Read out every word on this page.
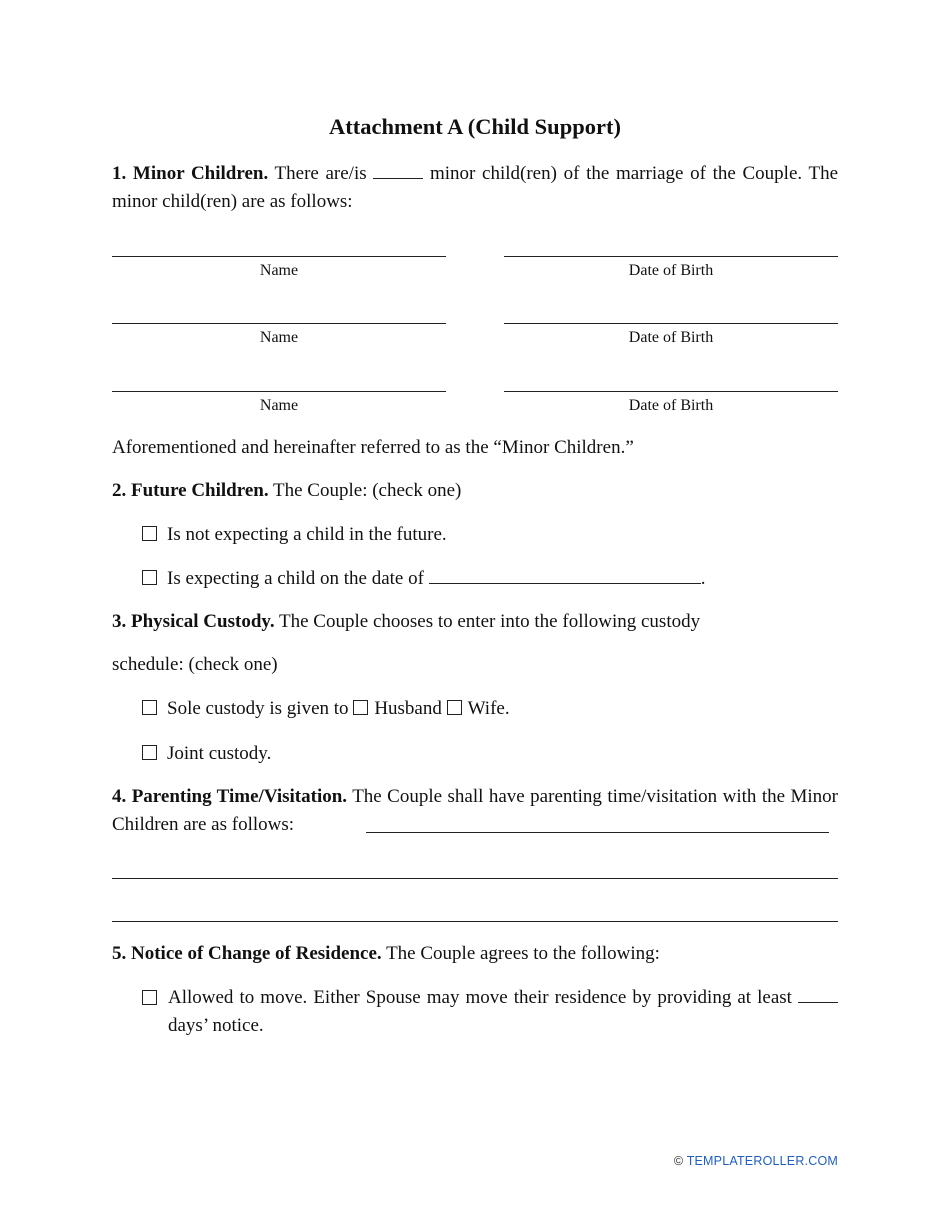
Attachment A (Child Support)
1. Minor Children. There are/is	minor child(ren) of the marriage of the Couple. The minor child(ren) are as follows:
Name	Date of Birth
Name	Date of Birth
Name	Date of Birth
Aforementioned and hereinafter referred to as the “Minor Children.”
2. Future Children. The Couple: (check one)
Is not expecting a child in the future.
Is expecting a child on the date of	.
3. Physical Custody. The Couple chooses to enter into the following custody
schedule: (check one)
Sole custody is given to Husband Wife.
Joint custody.
4. Parenting Time/Visitation. The Couple shall have parenting time/visitation with the Minor Children are as follows:
5. Notice of Change of Residence. The Couple agrees to the following:
Allowed to move. Either Spouse may move their residence by providing at least  days’ notice.
© TEMPLATEROLLER.COM
